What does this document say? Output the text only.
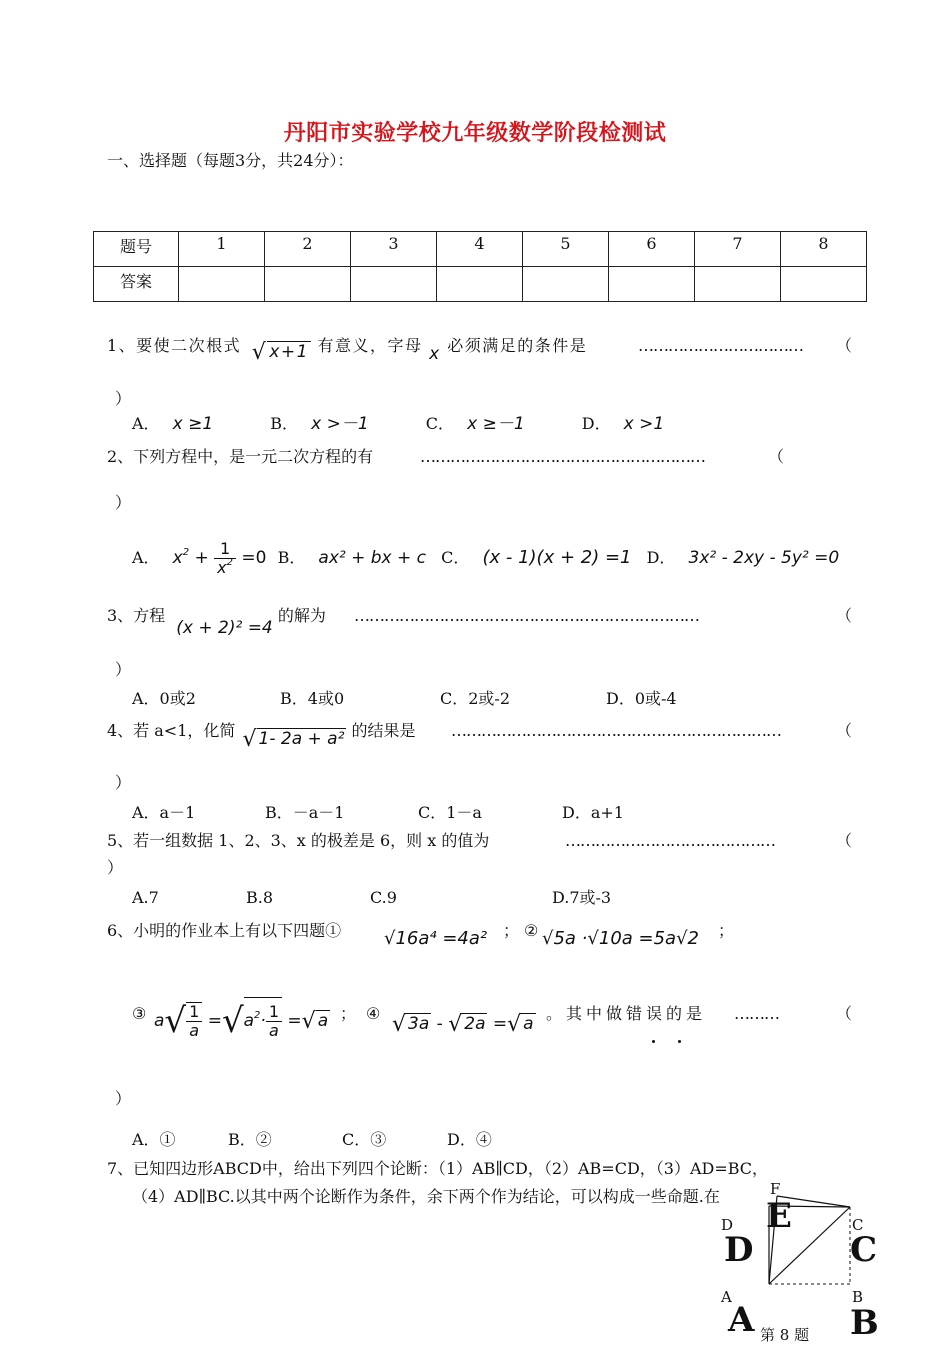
丹阳市实验学校九年级数学阶段检测试
一、选择题（每题3分，共24分）：
题号	1	2	3	4	5	6	7	8
答案								
1、要使二次根式 √ x+1 有意义，字母 x 必须满足的条件是	…………………………… （
）
A． x ≥1	B． x >－1	C． x ≥－1	D． x >1
2、下列方程中，是一元二次方程的有	…………………………………………………	（
）
A． $x^2 + \frac{1}{x^2} =0$ B． ax² + bx + c C． (x - 1)(x + 2) =1 D． 3x² - 2xy - 5y² =0
3、方程 (x + 2)² =4 的解为 ……………………………………………………………	（
）
A．0或2	B．4或0	C．2或-2	D．0或-4
4、若 a<1，化简 √ 1- 2a + a² 的结果是 …………………………………………………………	（
）
A．a－1	B．－a－1	C．1－a	D．a+1
5、若一组数据 1、2、3、x 的极差是 6，则 x 的值为	……………………………………	（
）
A.7	B.8	C.9	D.7或-3
6、小明的作业本上有以下四题① √16a⁴ =4a² ； ② √5a ·√10a =5a√2 ；
③ $a√ \frac{1}{a} =√a^2\cdot \frac{1}{a}$ =√ a ； ④ √ 3a - √ 2a =√ a
。其中做错误的是 ………	（
）
A．①	B．②	C．③	D．④
7、已知四边形ABCD中，给出下列四个论断：（1）AB∥CD，（2）AB=CD，（3）AD=BC，
（4）AD∥BC.以其中两个论断作为条件，余下两个作为结论，可以构成一些命题.在	F
D	C
A	B
E
D	C
A	B
第 8 题
